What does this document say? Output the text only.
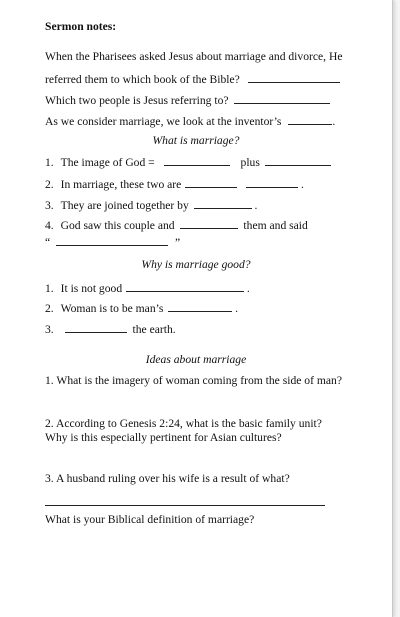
Sermon notes:
When the Pharisees asked Jesus about marriage and divorce, He
referred them to which book of the Bible?
Which two people is Jesus referring to?
As we consider marriage, we look at the inventor’s	.
What is marriage?
1. The image of God =	plus
2. In marriage, these two are	.
3. They are joined together by	.
4. God saw this couple and	them and said
“	”
Why is marriage good?
1. It is not good	.
2. Woman is to be man’s	.
3.	the earth.
Ideas about marriage
1. What is the imagery of woman coming from the side of man?
2. According to Genesis 2:24, what is the basic family unit?
Why is this especially pertinent for Asian cultures?
3. A husband ruling over his wife is a result of what?
What is your Biblical definition of marriage?
